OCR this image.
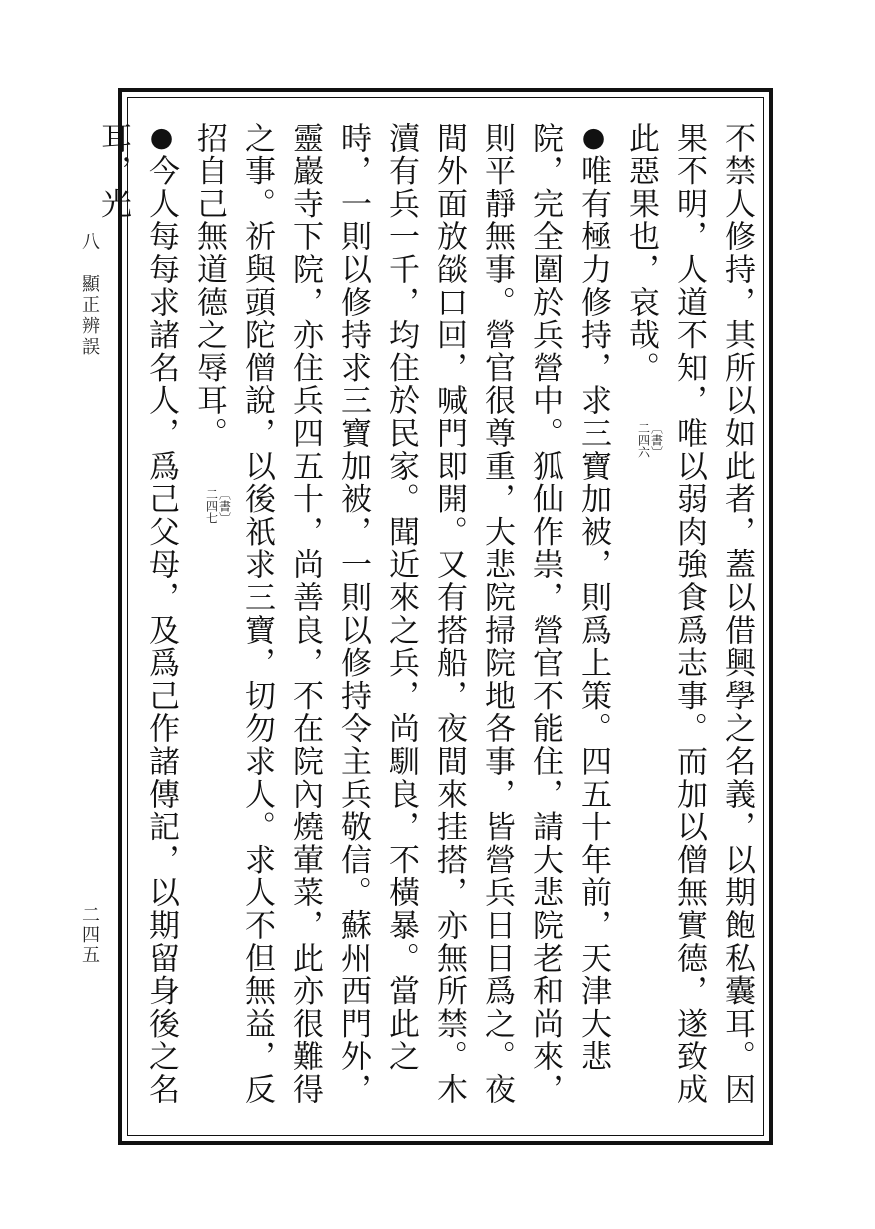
八　顯正辨誤
二四五	不禁人修持，其所以如此者，蓋以借興學之名義，以期飽私囊耳。因果不明，人道不知，唯以弱肉強食爲志事。而加以僧無實德，遂致成此惡果也，哀哉。
〔書〕
二四六

●唯有極力修持，求三寶加被，則爲上策。四五十年前，天津大悲院，完全圍於兵營中。狐仙作祟，營官不能住，請大悲院老和尚來，則平靜無事。營官很尊重，大悲院掃院地各事，皆營兵日日爲之。夜間外面放燄口回，喊門即開。又有搭船，夜間來挂搭，亦無所禁。木瀆有兵一千，均住於民家。聞近來之兵，尚馴良，不橫暴。當此之時，一則以修持求三寶加被，一則以修持令主兵敬信。蘇州西門外，靈巖寺下院，亦住兵四五十，尚善良，不在院內燒葷菜，此亦很難得之事。祈與頭陀僧說，以後祇求三寶，切勿求人。求人不但無益，反招自己無道德之辱耳。
〔書〕
二四七

●今人每每求諸名人，爲己父母，及爲己作諸傳記，以期留身後之名耳，光
